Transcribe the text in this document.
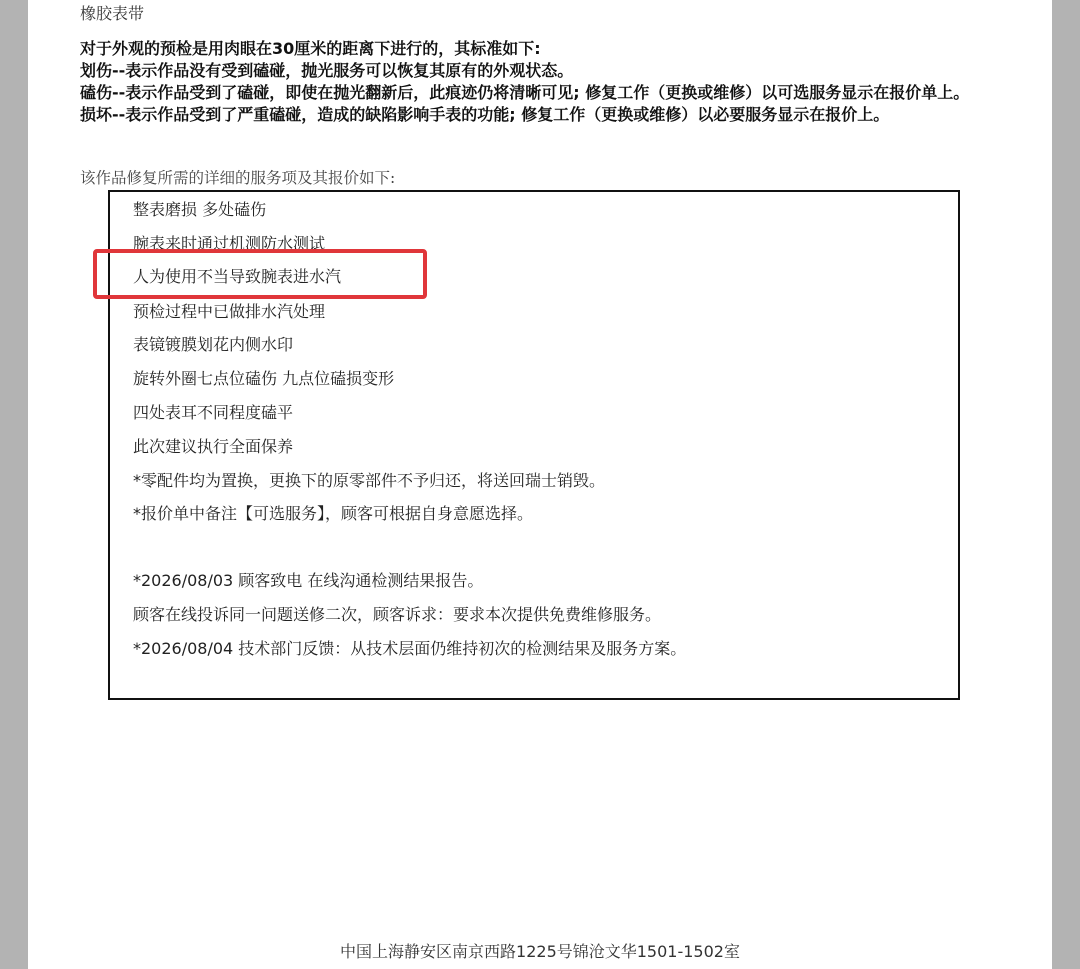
橡胶表带
对于外观的预检是用肉眼在30厘米的距离下进行的，其标准如下:
划伤--表示作品没有受到磕碰，抛光服务可以恢复其原有的外观状态。
磕伤--表示作品受到了磕碰，即使在抛光翻新后，此痕迹仍将清晰可见; 修复工作（更换或维修）以可选服务显示在报价单上。
损坏--表示作品受到了严重磕碰，造成的缺陷影响手表的功能; 修复工作（更换或维修）以必要服务显示在报价上。
该作品修复所需的详细的服务项及其报价如下:
整表磨损 多处磕伤
腕表来时通过机测防水测试
人为使用不当导致腕表进水汽
预检过程中已做排水汽处理
表镜镀膜划花内侧水印
旋转外圈七点位磕伤 九点位磕损变形
四处表耳不同程度磕平
此次建议执行全面保养
*零配件均为置换，更换下的原零部件不予归还，将送回瑞士销毁。
*报价单中备注【可选服务】，顾客可根据自身意愿选择。
*2026/08/03 顾客致电 在线沟通检测结果报告。
顾客在线投诉同一问题送修二次，顾客诉求：要求本次提供免费维修服务。
*2026/08/04 技术部门反馈：从技术层面仍维持初次的检测结果及服务方案。
中国上海静安区南京西路1225号锦沧文华1501-1502室
